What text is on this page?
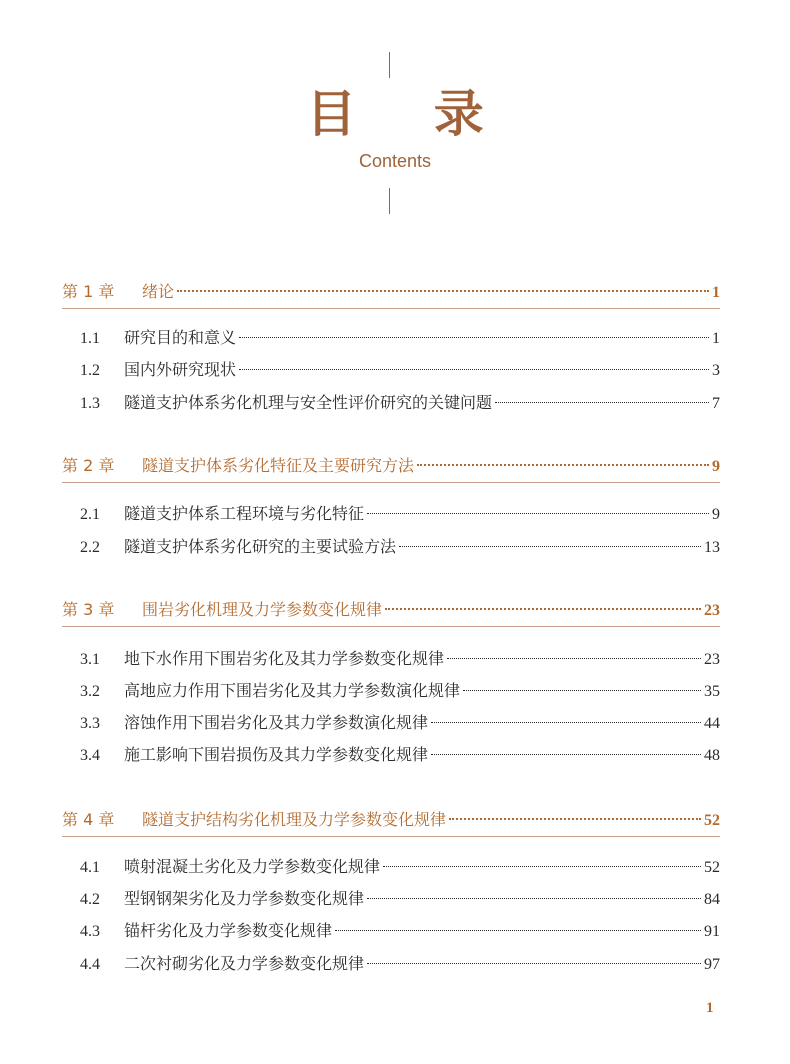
目 录
Contents
第 1 章	绪论	1
1.1	研究目的和意义	1
1.2	国内外研究现状	3
1.3	隧道支护体系劣化机理与安全性评价研究的关键问题	7
第 2 章	隧道支护体系劣化特征及主要研究方法	9
2.1	隧道支护体系工程环境与劣化特征	9
2.2	隧道支护体系劣化研究的主要试验方法	13
第 3 章	围岩劣化机理及力学参数变化规律	23
3.1	地下水作用下围岩劣化及其力学参数变化规律	23
3.2	高地应力作用下围岩劣化及其力学参数演化规律	35
3.3	溶蚀作用下围岩劣化及其力学参数演化规律	44
3.4	施工影响下围岩损伤及其力学参数变化规律	48
第 4 章	隧道支护结构劣化机理及力学参数变化规律	52
4.1	喷射混凝土劣化及力学参数变化规律	52
4.2	型钢钢架劣化及力学参数变化规律	84
4.3	锚杆劣化及力学参数变化规律	91
4.4	二次衬砌劣化及力学参数变化规律	97
1
